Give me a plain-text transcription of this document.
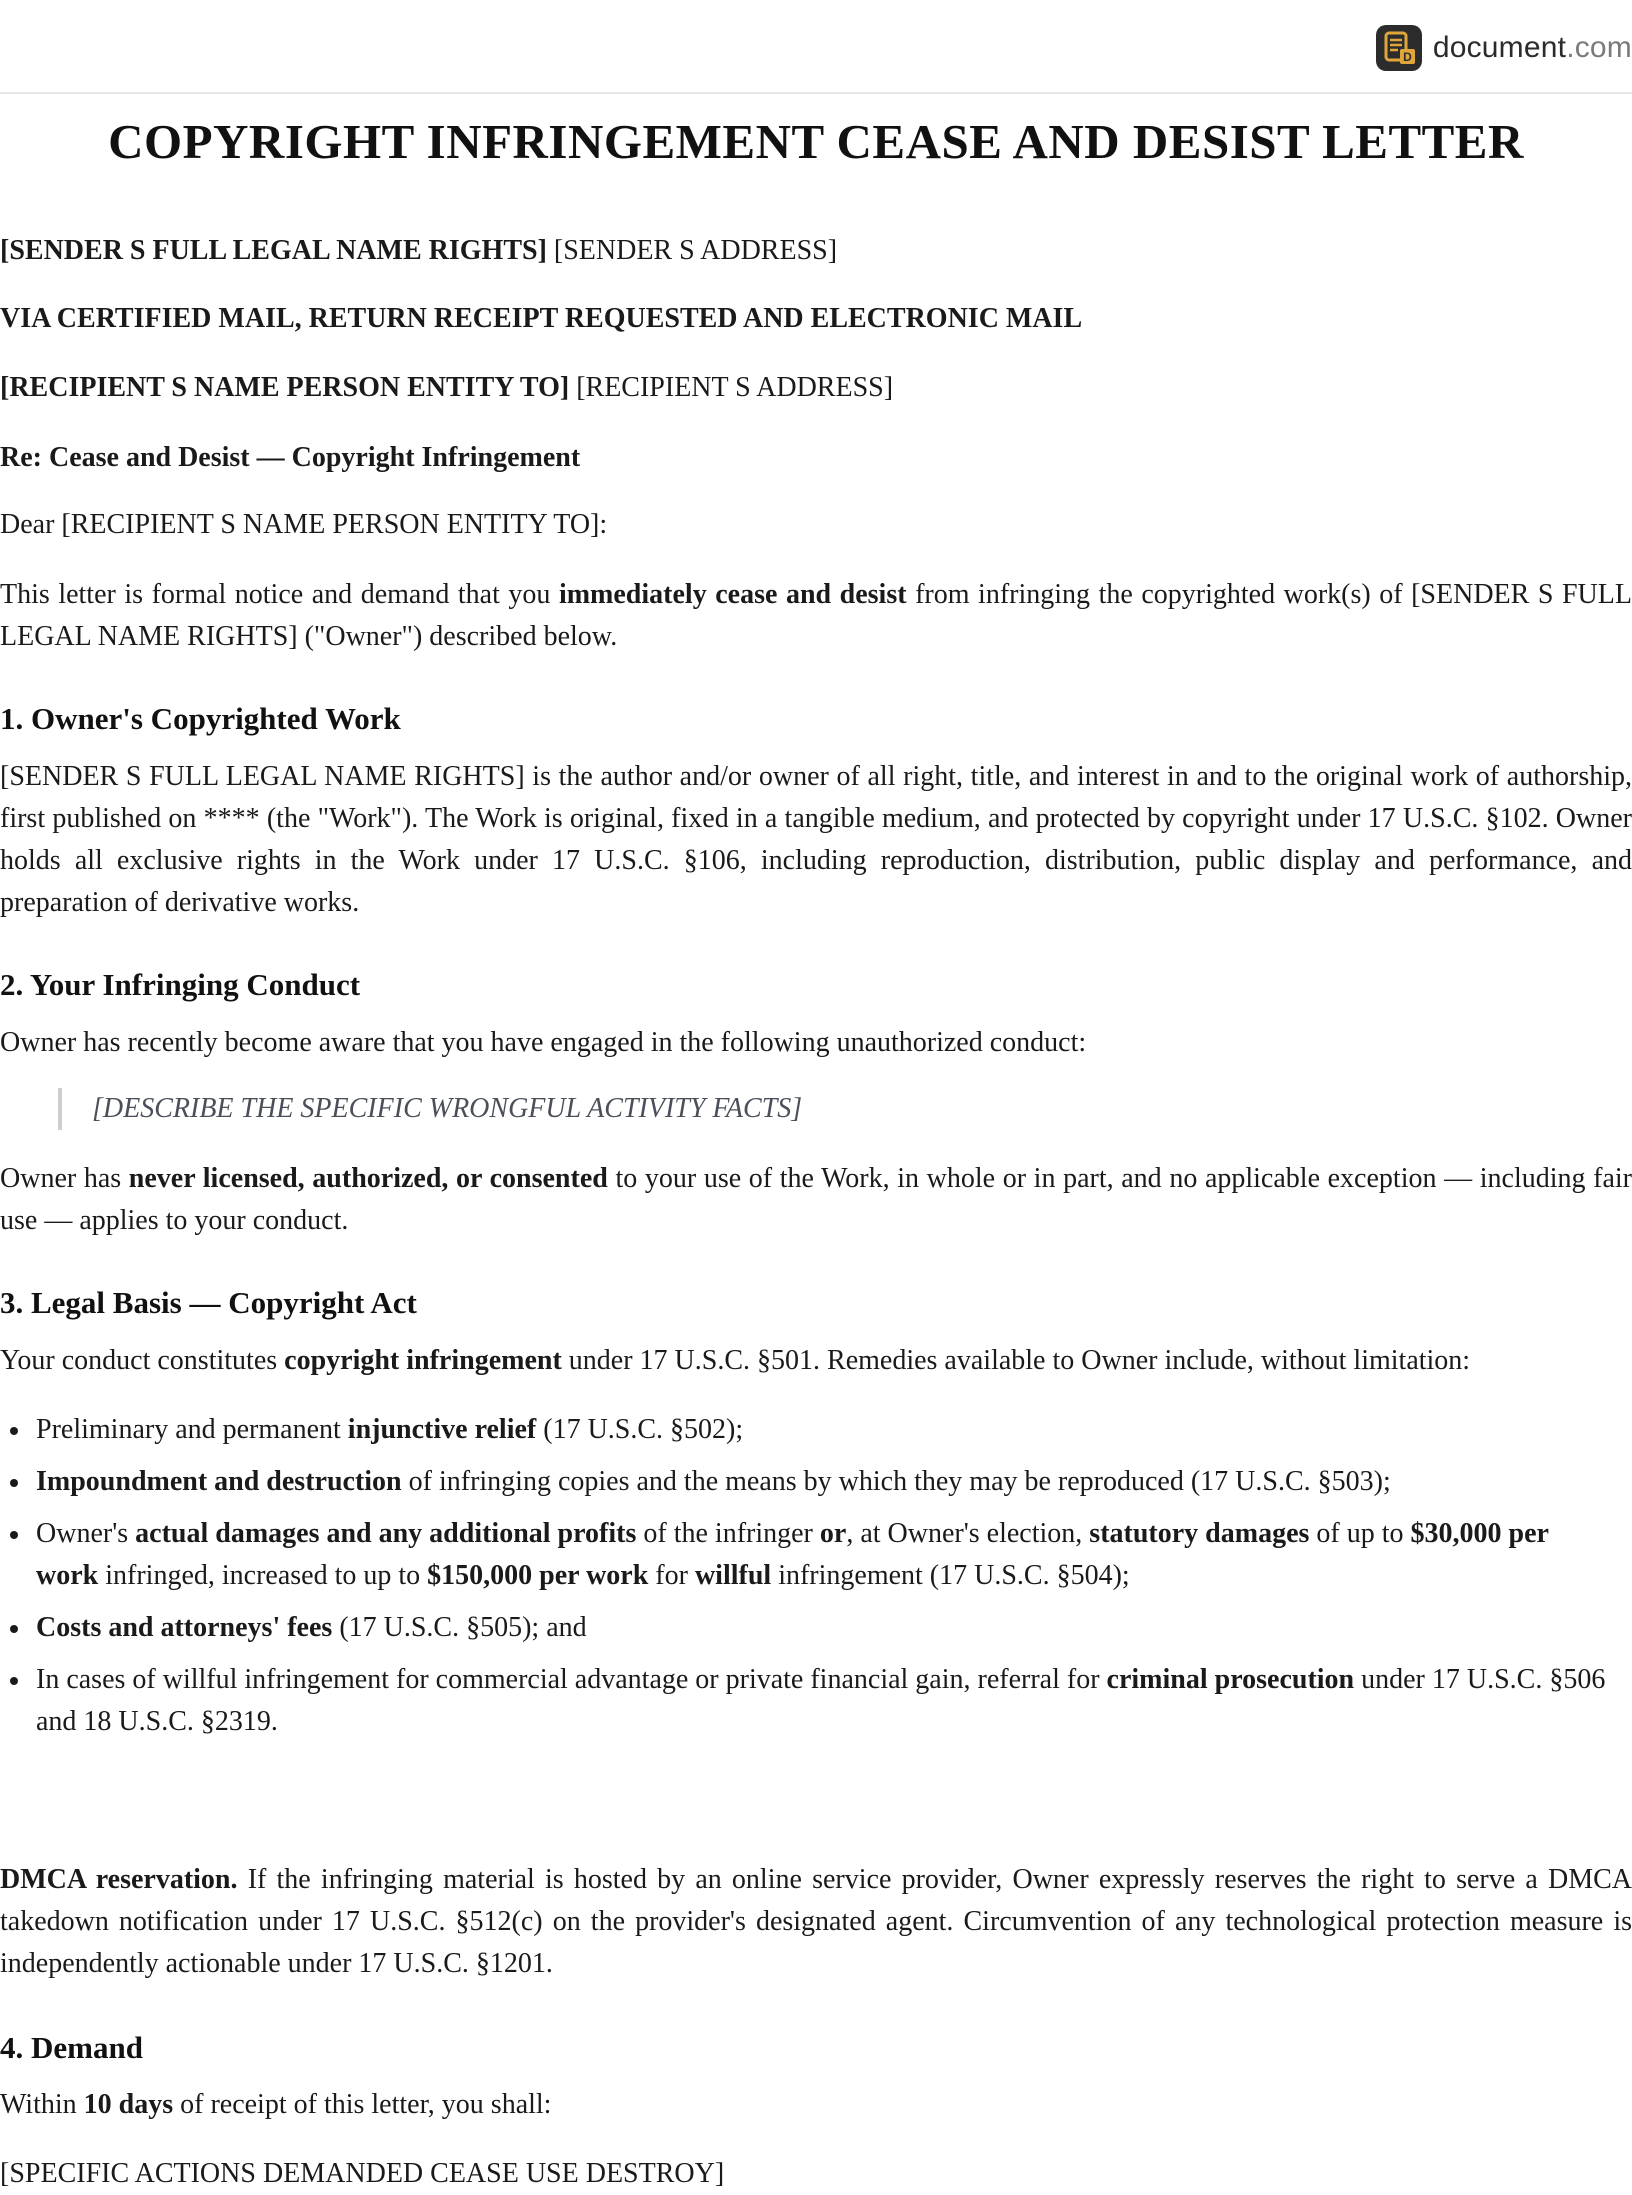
D document.com
COPYRIGHT INFRINGEMENT CEASE AND DESIST LETTER

[SENDER S FULL LEGAL NAME RIGHTS] [SENDER S ADDRESS]

VIA CERTIFIED MAIL, RETURN RECEIPT REQUESTED AND ELECTRONIC MAIL

[RECIPIENT S NAME PERSON ENTITY TO] [RECIPIENT S ADDRESS]

Re: Cease and Desist — Copyright Infringement

Dear [RECIPIENT S NAME PERSON ENTITY TO]:

This letter is formal notice and demand that you immediately cease and desist from infringing the copyrighted work(s) of [SENDER S FULL LEGAL NAME RIGHTS] ("Owner") described below.

1. Owner's Copyrighted Work

[SENDER S FULL LEGAL NAME RIGHTS] is the author and/or owner of all right, title, and interest in and to the original work of authorship, first published on **** (the "Work"). The Work is original, fixed in a tangible medium, and protected by copyright under 17 U.S.C. §102. Owner holds all exclusive rights in the Work under 17 U.S.C. §106, including reproduction, distribution, public display and performance, and preparation of derivative works.

2. Your Infringing Conduct

Owner has recently become aware that you have engaged in the following unauthorized conduct:

[DESCRIBE THE SPECIFIC WRONGFUL ACTIVITY FACTS]

Owner has never licensed, authorized, or consented to your use of the Work, in whole or in part, and no applicable exception — including fair use — applies to your conduct.

3. Legal Basis — Copyright Act

Your conduct constitutes copyright infringement under 17 U.S.C. §501. Remedies available to Owner include, without limitation:

Preliminary and permanent injunctive relief (17 U.S.C. §502);
Impoundment and destruction of infringing copies and the means by which they may be reproduced (17 U.S.C. §503);
Owner's actual damages and any additional profits of the infringer or, at Owner's election, statutory damages of up to $30,000 per work infringed, increased to up to $150,000 per work for willful infringement (17 U.S.C. §504);
Costs and attorneys' fees (17 U.S.C. §505); and
In cases of willful infringement for commercial advantage or private financial gain, referral for criminal prosecution under 17 U.S.C. §506 and 18 U.S.C. §2319.

DMCA reservation. If the infringing material is hosted by an online service provider, Owner expressly reserves the right to serve a DMCA takedown notification under 17 U.S.C. §512(c) on the provider's designated agent. Circumvention of any technological protection measure is independently actionable under 17 U.S.C. §1201.

4. Demand

Within 10 days of receipt of this letter, you shall:

[SPECIFIC ACTIONS DEMANDED CEASE USE DESTROY]
